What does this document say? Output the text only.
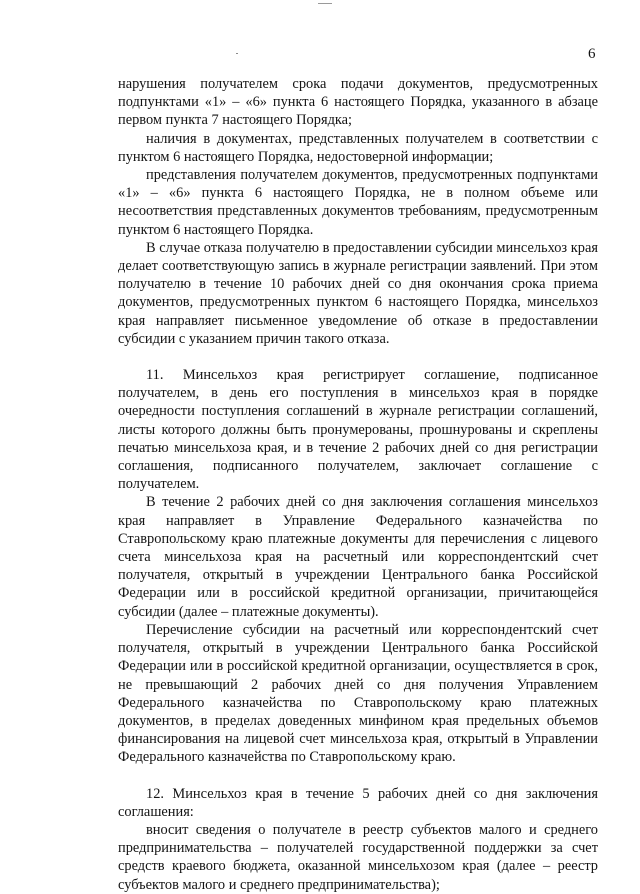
6

нарушения получателем срока подачи документов, предусмотренных подпунктами «1» – «6» пункта 6 настоящего Порядка, указанного в абзаце первом пункта 7 настоящего Порядка;

наличия в документах, представленных получателем в соответствии с пунктом 6 настоящего Порядка, недостоверной информации;

представления получателем документов, предусмотренных подпунктами «1» – «6» пункта 6 настоящего Порядка, не в полном объеме или несоответствия представленных документов требованиям, предусмотренным пунктом 6 настоящего Порядка.

В случае отказа получателю в предоставлении субсидии минсельхоз края делает соответствующую запись в журнале регистрации заявлений. При этом получателю в течение 10 рабочих дней со дня окончания срока приема документов, предусмотренных пунктом 6 настоящего Порядка, минсельхоз края направляет письменное уведомление об отказе в предоставлении субсидии с указанием причин такого отказа.

11. Минсельхоз края регистрирует соглашение, подписанное получателем, в день его поступления в минсельхоз края в порядке очередности поступления соглашений в журнале регистрации соглашений, листы которого должны быть пронумерованы, прошнурованы и скреплены печатью минсельхоза края, и в течение 2 рабочих дней со дня регистрации соглашения, подписанного получателем, заключает соглашение с получателем.

В течение 2 рабочих дней со дня заключения соглашения минсельхоз края направляет в Управление Федерального казначейства по Ставропольскому краю платежные документы для перечисления с лицевого счета минсельхоза края на расчетный или корреспондентский счет получателя, открытый в учреждении Центрального банка Российской Федерации или в российской кредитной организации, причитающейся субсидии (далее – платежные документы).

Перечисление субсидии на расчетный или корреспондентский счет получателя, открытый в учреждении Центрального банка Российской Федерации или в российской кредитной организации, осуществляется в срок, не превышающий 2 рабочих дней со дня получения Управлением Федерального казначейства по Ставропольскому краю платежных документов, в пределах доведенных минфином края предельных объемов финансирования на лицевой счет минсельхоза края, открытый в Управлении Федерального казначейства по Ставропольскому краю.

12. Минсельхоз края в течение 5 рабочих дней со дня заключения соглашения:

вносит сведения о получателе в реестр субъектов малого и среднего предпринимательства – получателей государственной поддержки за счет средств краевого бюджета, оказанной минсельхозом края (далее – реестр субъектов малого и среднего предпринимательства);
